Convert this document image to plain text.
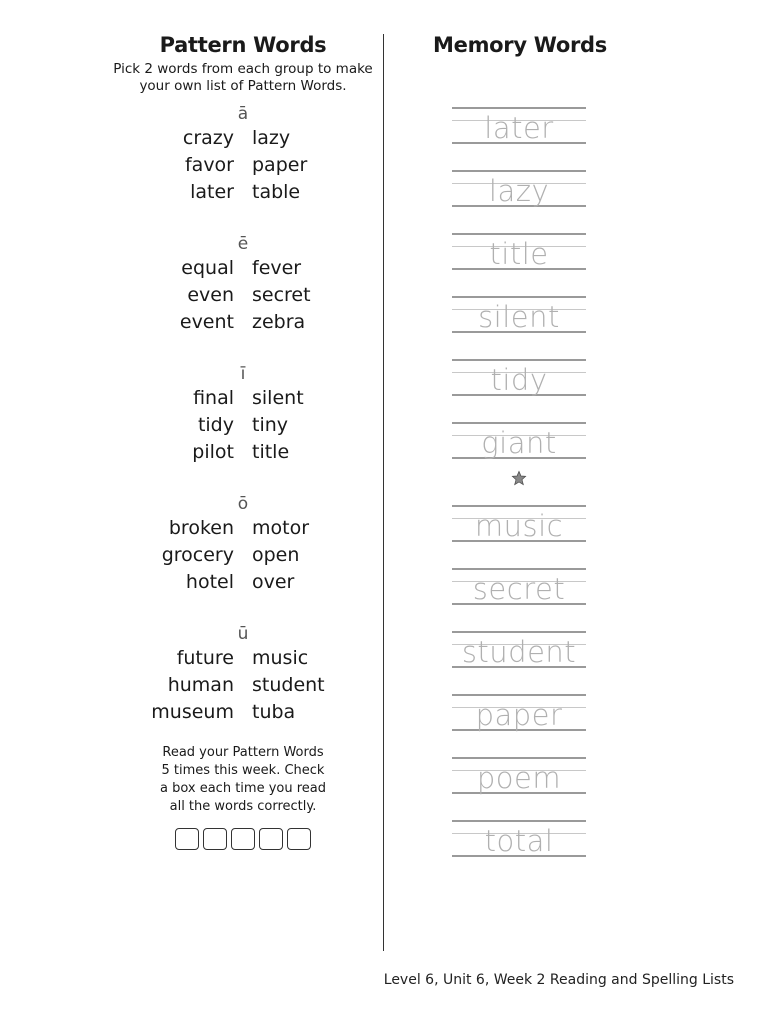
Pattern Words
Pick 2 words from each group to make
your own list of Pattern Words.
ā
crazy lazy
favor paper
later table
ē
equal fever
even secret
event zebra
ī
final silent
tidy tiny
pilot title
ō
broken motor
grocery open
hotel over
ū
future music
human student
museum tuba
Read your Pattern Words
5 times this week. Check
a box each time you read
all the words correctly.
Memory Words
later
lazy
title
silent
tidy
giant
music
secret
student
paper
poem
total
Level 6, Unit 6, Week 2 Reading and Spelling Lists
